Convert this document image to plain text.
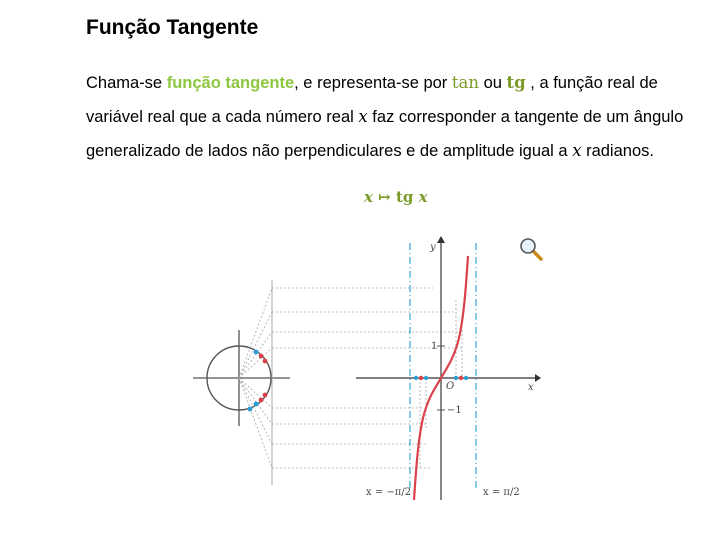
Função Tangente
Chama-se função tangente, e representa-se por tan ou tg , a função real de variável real que a cada número real x faz corresponder a tangente de um ângulo generalizado de lados não perpendiculares e de amplitude igual a x radianos.
x ↦ tg x
x
y
O
1
−1
x = −π/2	x = π/2
